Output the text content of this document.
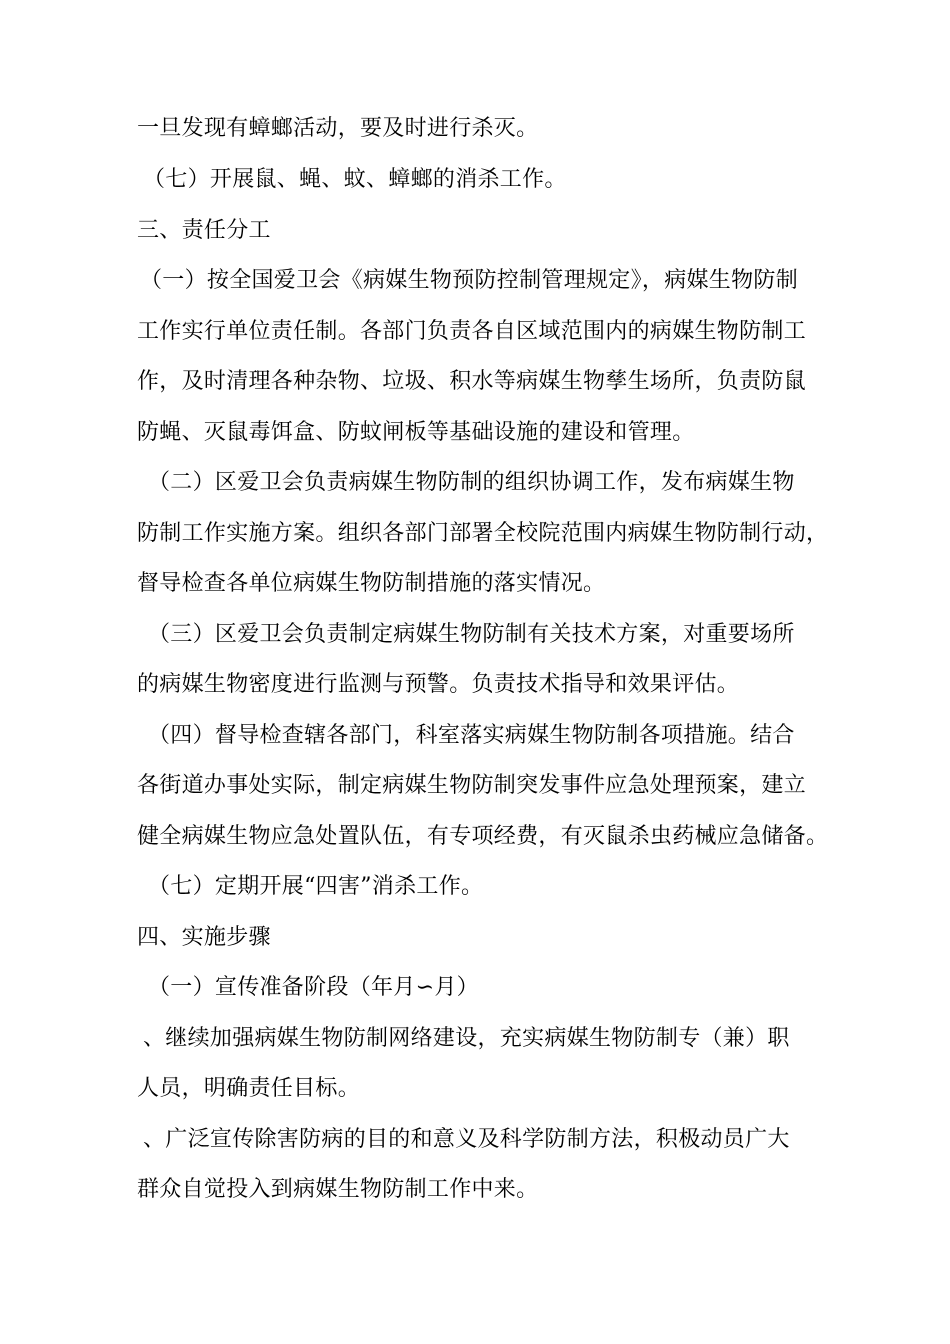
一旦发现有蟑螂活动，要及时进行杀灭。
（七）开展鼠、蝇、蚊、蟑螂的消杀工作。
三、责任分工
（一）按全国爱卫会《病媒生物预防控制管理规定》，病媒生物防制
工作实行单位责任制。各部门负责各自区域范围内的病媒生物防制工
作，及时清理各种杂物、垃圾、积水等病媒生物孳生场所，负责防鼠
防蝇、灭鼠毒饵盒、防蚊闸板等基础设施的建设和管理。
（二）区爱卫会负责病媒生物防制的组织协调工作，发布病媒生物
防制工作实施方案。组织各部门部署全校院范围内病媒生物防制行动，
督导检查各单位病媒生物防制措施的落实情况。
（三）区爱卫会负责制定病媒生物防制有关技术方案，对重要场所
的病媒生物密度进行监测与预警。负责技术指导和效果评估。
（四）督导检查辖各部门，科室落实病媒生物防制各项措施。结合
各街道办事处实际，制定病媒生物防制突发事件应急处理预案，建立
健全病媒生物应急处置队伍，有专项经费，有灭鼠杀虫药械应急储备。
（七）定期开展“四害”消杀工作。
四、实施步骤
（一）宣传准备阶段（年月∽月）
、继续加强病媒生物防制网络建设，充实病媒生物防制专（兼）职
人员，明确责任目标。
、广泛宣传除害防病的目的和意义及科学防制方法，积极动员广大
群众自觉投入到病媒生物防制工作中来。
